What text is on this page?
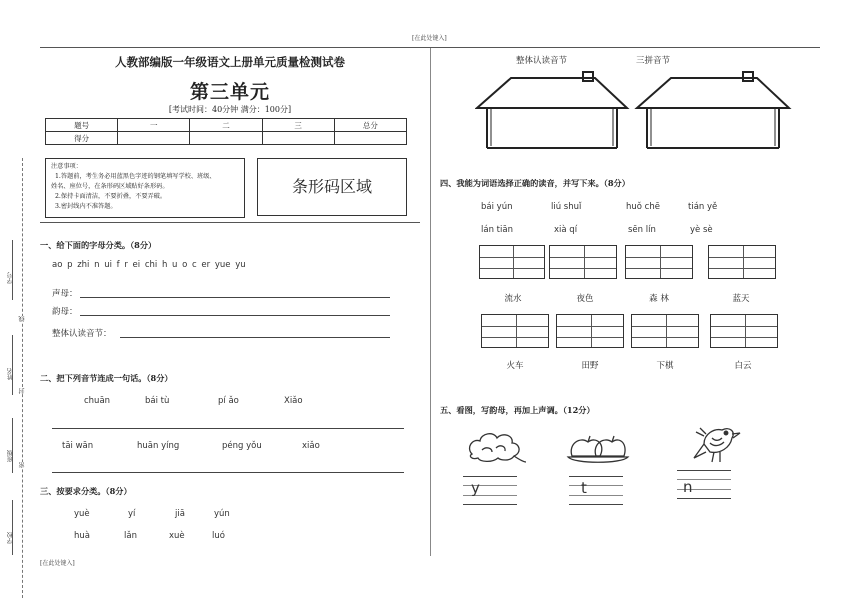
[在此处键入]
[在此处键入]
学号
姓名
班级
学校
线
封
密
人教部编版一年级语文上册单元质量检测试卷
第三单元
[考试时间：40分钟 满分：100分]
题号	一	二	三	总分
得分				
注意事项：
1.答题前，考生务必用蓝黑色字迹的钢笔填写学校、班级、
姓名、座位号，在条形码区域贴好条形码。
2.保持卡面清洁，不要折叠，不要弄破。
3.密封线内不准答题。
条形码区域
一、给下面的字母分类。（8分）
ao p zhi n ui f r ei chi h u o c er yue yu
声母：
韵母：
整体认读音节：
二、把下列音节连成一句话。（8分）
chuān	bái tù	pí ǎo	Xiǎo
tāi wān	huān yíng	péng yǒu	xiǎo
三、按要求分类。（8分）
yuè	yí	jiā	yún
huà	lǎn	xuè	luó
整体认读音节	三拼音节
四、我能为词语选择正确的读音，并写下来。（8分）
bái yún	liú shuǐ	huǒ chē	tián yě
lán tiān	xià qí	sēn lín	yè sè
流水	夜色	森 林	蓝天
火车	田野	下棋	白云
五、看图，写韵母，再加上声调。（12分）
y	t	n
